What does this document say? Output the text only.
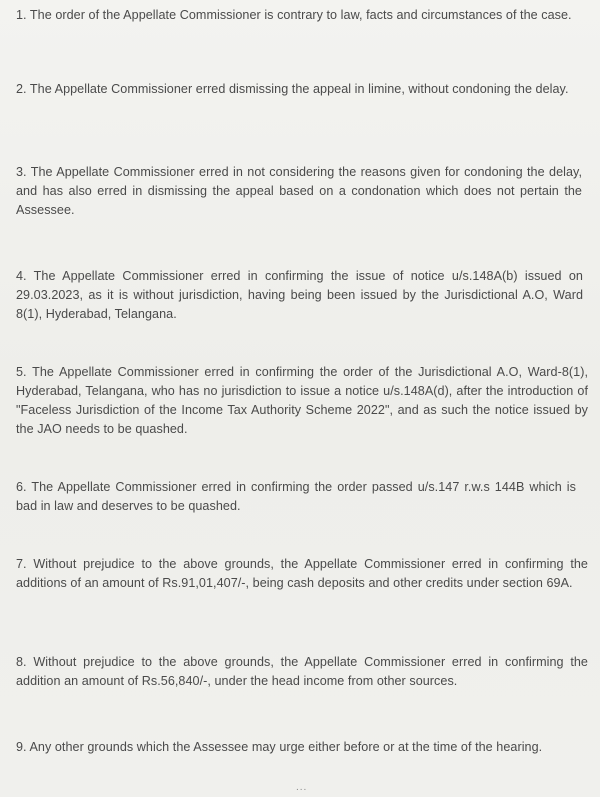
1. The order of the Appellate Commissioner is contrary to law, facts and circumstances of the case.

2. The Appellate Commissioner erred dismissing the appeal in limine, without condoning the delay.

3. The Appellate Commissioner erred in not considering the reasons given for condoning the delay, and has also erred in dismissing the appeal based on a condonation which does not pertain the Assessee.

4. The Appellate Commissioner erred in confirming the issue of notice u/s.148A(b) issued on 29.03.2023, as it is without jurisdiction, having being been issued by the Jurisdictional A.O, Ward 8(1), Hyderabad, Telangana.

5. The Appellate Commissioner erred in confirming the order of the Jurisdictional A.O, Ward-8(1), Hyderabad, Telangana, who has no jurisdiction to issue a notice u/s.148A(d), after the introduction of "Faceless Jurisdiction of the Income Tax Authority Scheme 2022", and as such the notice issued by the JAO needs to be quashed.

6. The Appellate Commissioner erred in confirming the order passed u/s.147 r.w.s 144B which is bad in law and deserves to be quashed.

7. Without prejudice to the above grounds, the Appellate Commissioner erred in confirming the additions of an amount of Rs.91,01,407/-, being cash deposits and other credits under section 69A.

8. Without prejudice to the above grounds, the Appellate Commissioner erred in confirming the addition an amount of Rs.56,840/-, under the head income from other sources.

9. Any other grounds which the Assessee may urge either before or at the time of the hearing.

...
